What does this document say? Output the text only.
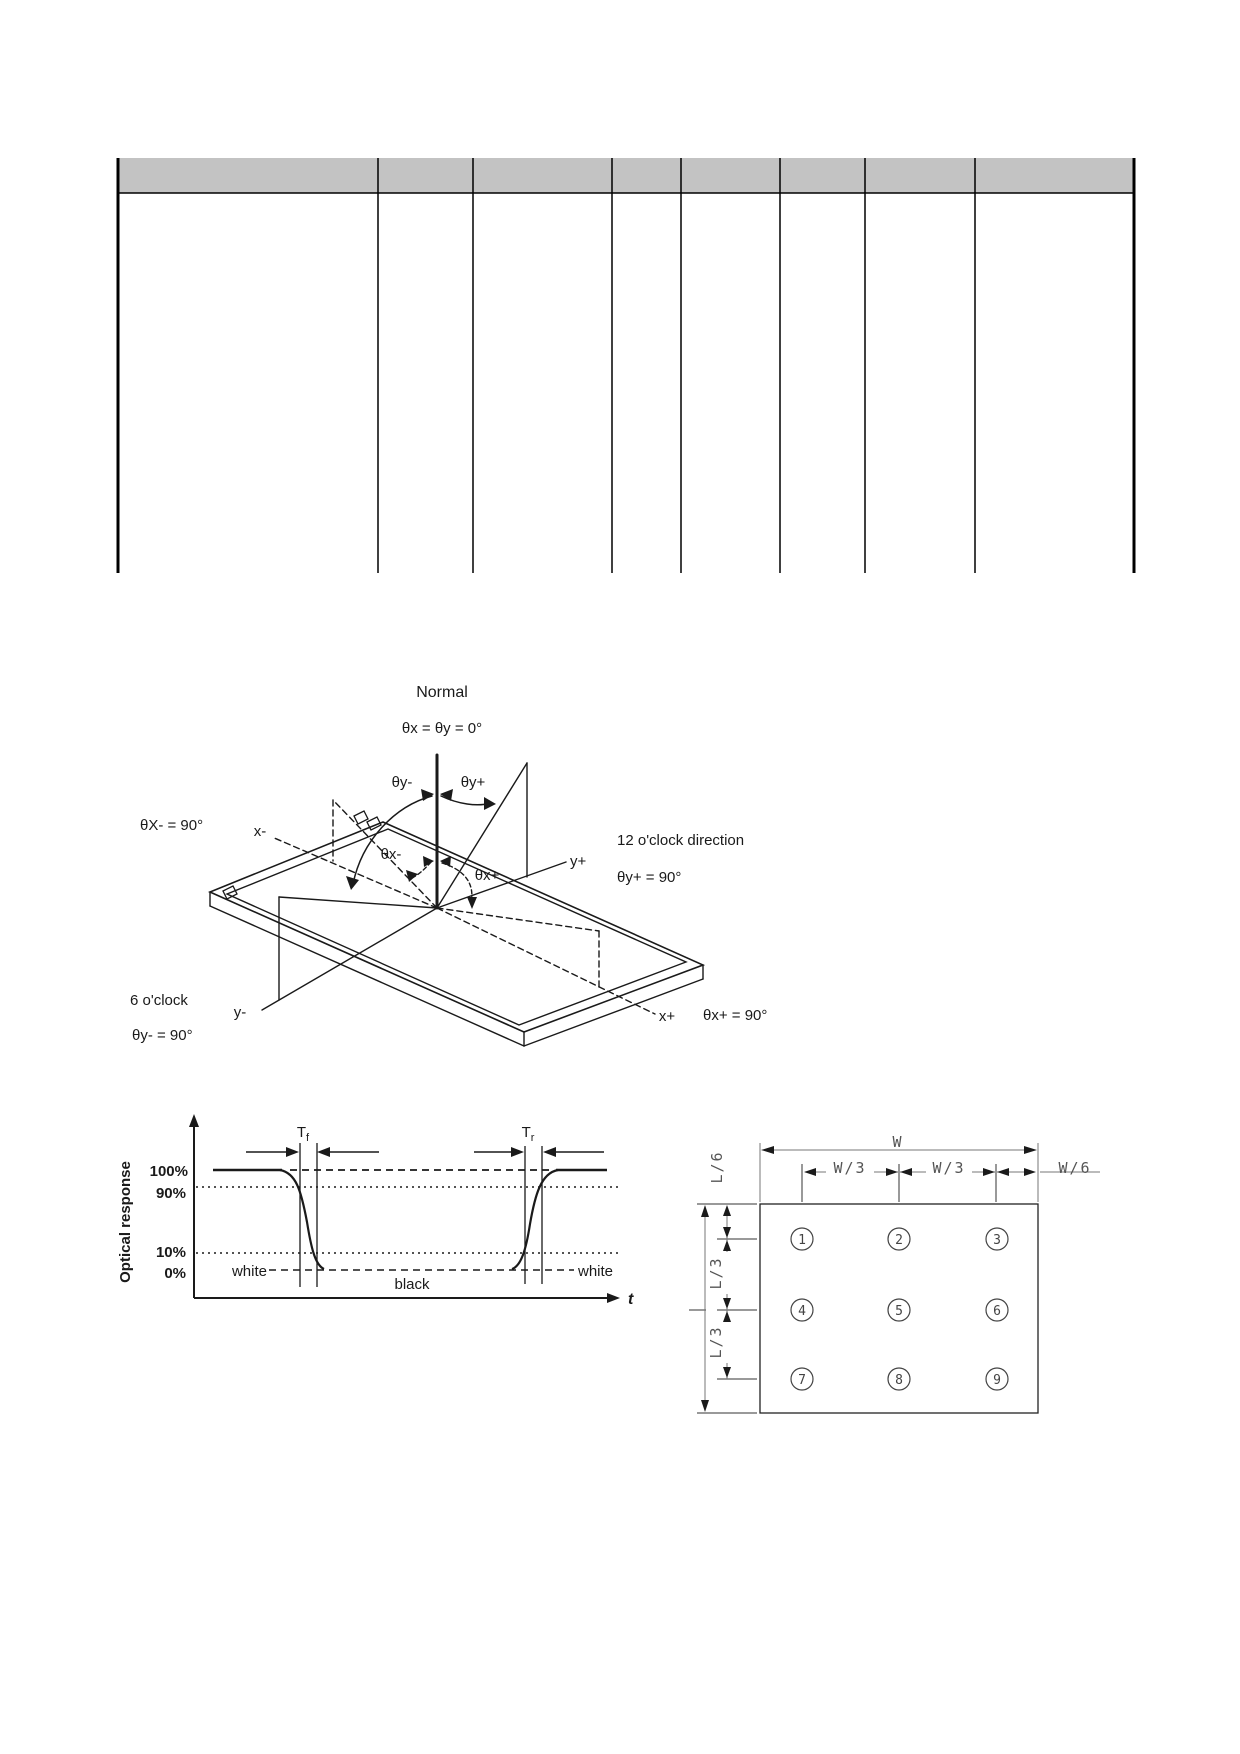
Normal
θx = θy = 0°
θy-	θy+
θX- = 90°	x-
12 o'clock direction
y+
θy+ = 90°
θx-
θx+
6 o'clock
y-
θy- = 90°
x+ θx+ = 90°
Optical response 100%
90%
10%
0%
$T_f$	$T_r$
white
black
white
t
W
W/3	W/3	W/6
L/6
L/3
L/3
1	2	3
4	5	6
7	8	9
